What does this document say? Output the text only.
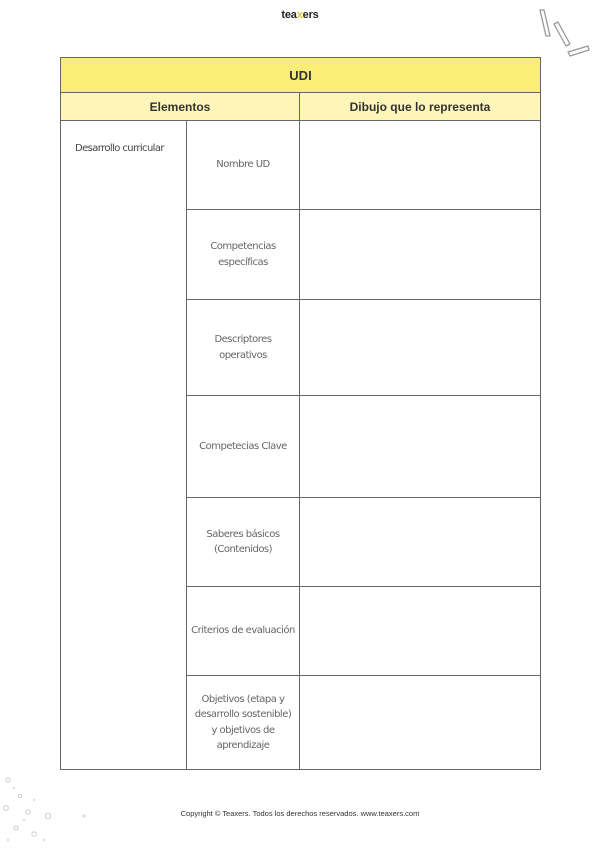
teaxers
UDI		
Elementos		Dibujo que lo representa
Desarrollo curricular	Nombre UD	
	Competencias específicas	
	Descriptores operativos	
	Competecias Clave	
	Saberes básicos (Contenidos)	
	Criterios de evaluación	
	Objetivos (etapa y desarrollo sostenible) y objetivos de aprendizaje	
Copyright © Teaxers. Todos los derechos reservados. www.teaxers.com
